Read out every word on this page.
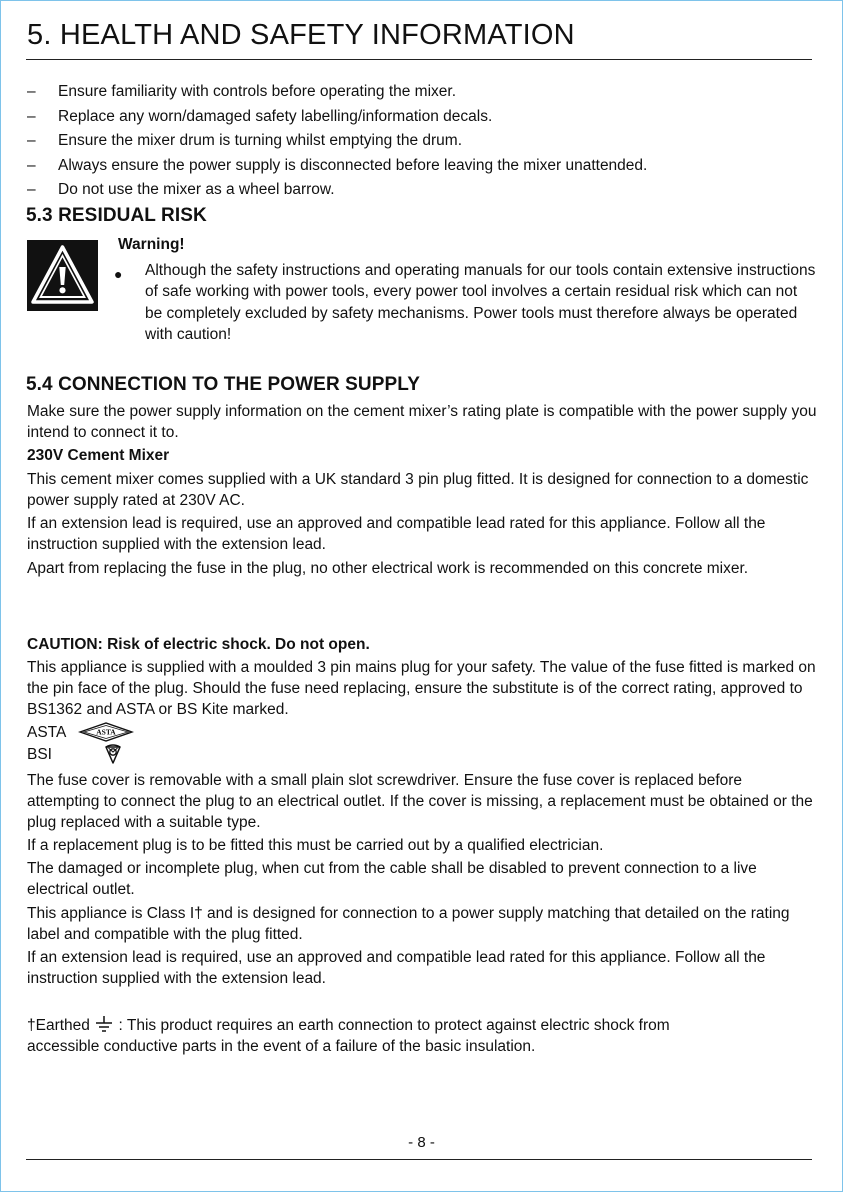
5. HEALTH AND SAFETY INFORMATION
–	Ensure familiarity with controls before operating the mixer.
–	Replace any worn/damaged safety labelling/information decals.
–	Ensure the mixer drum is turning whilst emptying the drum.
–	Always ensure the power supply is disconnected before leaving the mixer unattended.
–	Do not use the mixer as a wheel barrow.
5.3 RESIDUAL RISK
Warning!
● Although the safety instructions and operating manuals for our tools contain extensive instructions of safe working with power tools, every power tool involves a certain residual risk which can not be completely excluded by safety mechanisms. Power tools must therefore always be operated with caution!

5.4 CONNECTION TO THE POWER SUPPLY

Make sure the power supply information on the cement mixer’s rating plate is compatible with the power supply you intend to connect it to.

230V Cement Mixer

This cement mixer comes supplied with a UK standard 3 pin plug fitted. It is designed for connection to a domestic power supply rated at 230V AC.

If an extension lead is required, use an approved and compatible lead rated for this appliance. Follow all the instruction supplied with the extension lead.

Apart from replacing the fuse in the plug, no other electrical work is recommended on this concrete mixer.

CAUTION: Risk of electric shock. Do not open.

This appliance is supplied with a moulded 3 pin mains plug for your safety. The value of the fuse fitted is marked on the pin face of the plug. Should the fuse need replacing, ensure the substitute is of the correct rating, approved to BS1362 and ASTA or BS Kite marked.

ASTA	ASTA
BSI

The fuse cover is removable with a small plain slot screwdriver. Ensure the fuse cover is replaced before attempting to connect the plug to an electrical outlet. If the cover is missing, a replacement must be obtained or the plug replaced with a suitable type.

If a replacement plug is to be fitted this must be carried out by a qualified electrician.

The damaged or incomplete plug, when cut from the cable shall be disabled to prevent connection to a live electrical outlet.

This appliance is Class I† and is designed for connection to a power supply matching that detailed on the rating label and compatible with the plug fitted.

If an extension lead is required, use an approved and compatible lead rated for this appliance. Follow all the instruction supplied with the extension lead.

†Earthed : This product requires an earth connection to protect against electric shock from
accessible conductive parts in the event of a failure of the basic insulation.
- 8 -
